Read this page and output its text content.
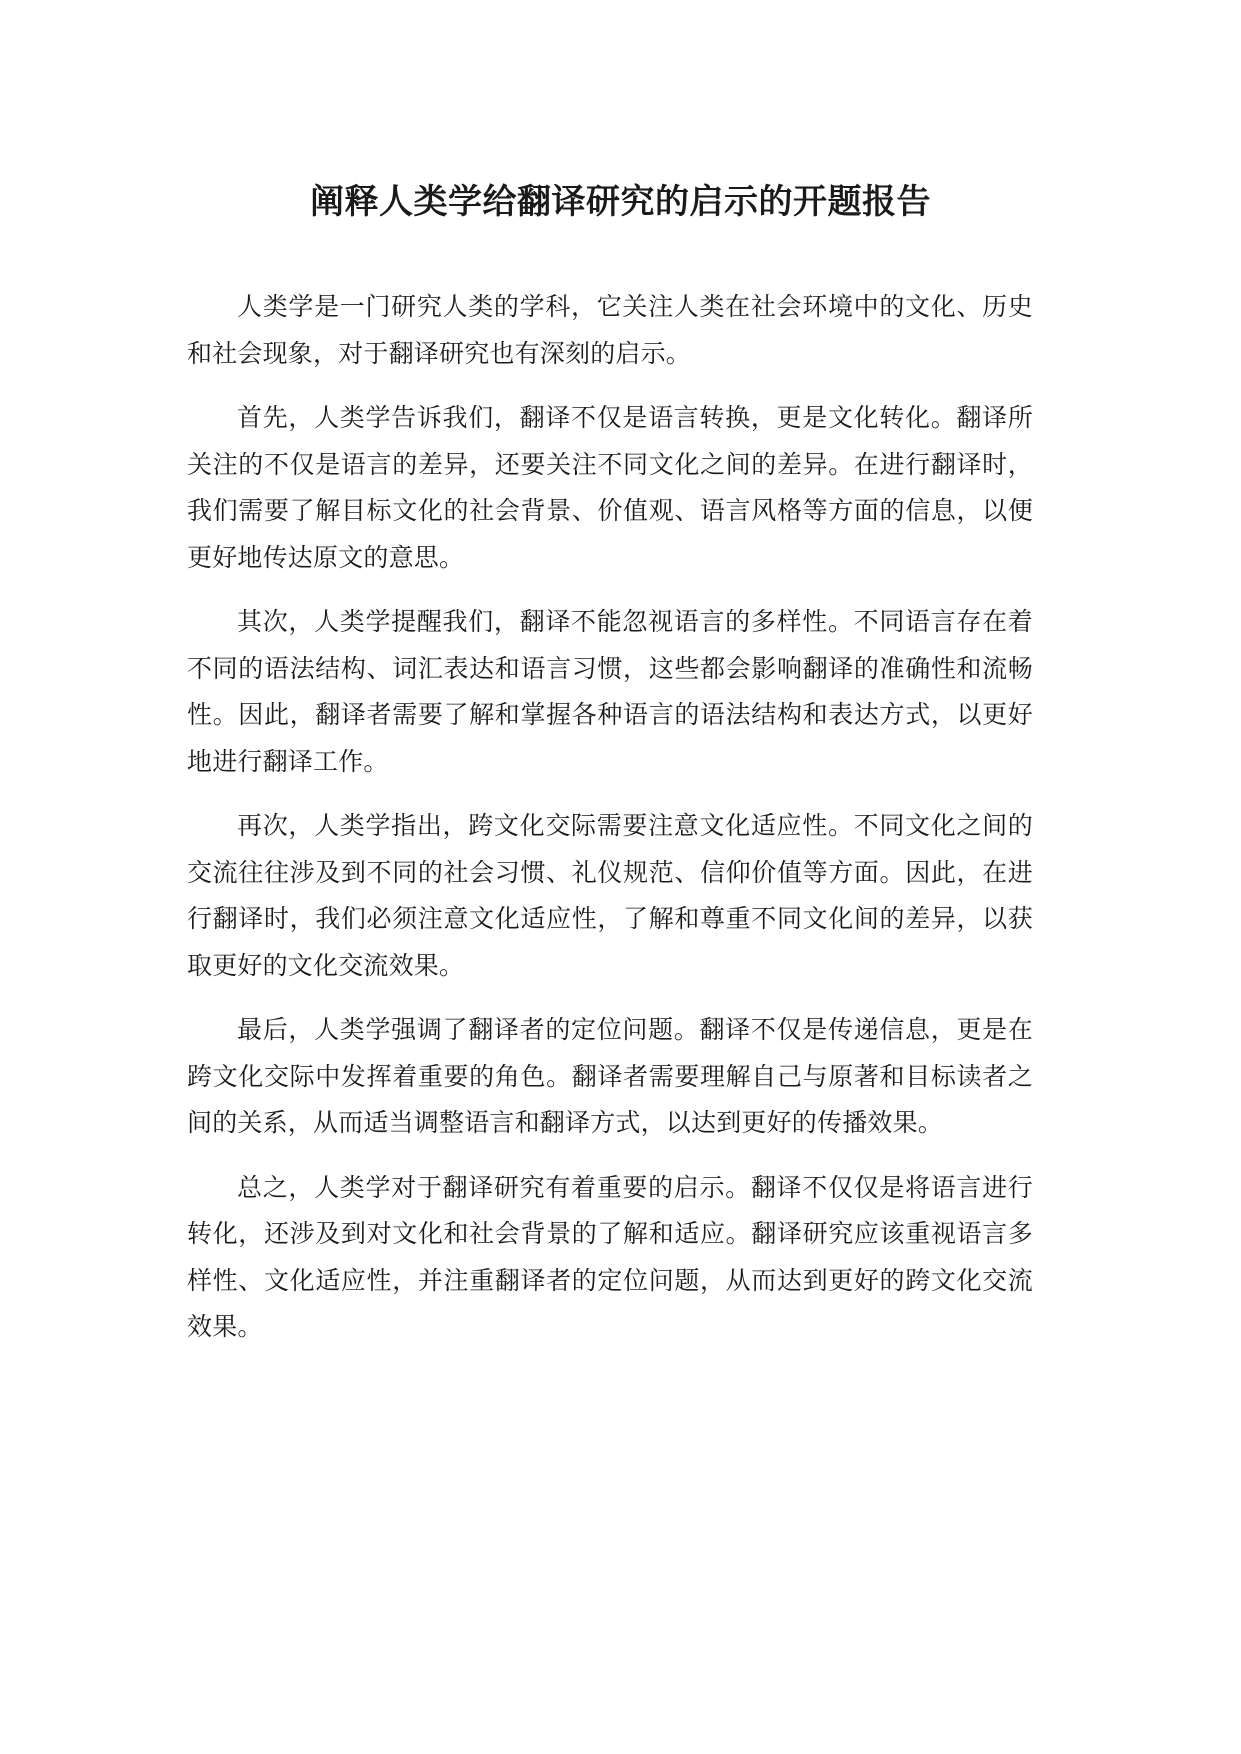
阐释人类学给翻译研究的启示的开题报告

人类学是一门研究人类的学科，它关注人类在社会环境中的文化、历史和社会现象，对于翻译研究也有深刻的启示。

首先，人类学告诉我们，翻译不仅是语言转换，更是文化转化。翻译所关注的不仅是语言的差异，还要关注不同文化之间的差异。在进行翻译时，我们需要了解目标文化的社会背景、价值观、语言风格等方面的信息，以便更好地传达原文的意思。

其次，人类学提醒我们，翻译不能忽视语言的多样性。不同语言存在着不同的语法结构、词汇表达和语言习惯，这些都会影响翻译的准确性和流畅性。因此，翻译者需要了解和掌握各种语言的语法结构和表达方式，以更好地进行翻译工作。

再次，人类学指出，跨文化交际需要注意文化适应性。不同文化之间的交流往往涉及到不同的社会习惯、礼仪规范、信仰价值等方面。因此，在进行翻译时，我们必须注意文化适应性，了解和尊重不同文化间的差异，以获取更好的文化交流效果。

最后，人类学强调了翻译者的定位问题。翻译不仅是传递信息，更是在跨文化交际中发挥着重要的角色。翻译者需要理解自己与原著和目标读者之间的关系，从而适当调整语言和翻译方式，以达到更好的传播效果。

总之，人类学对于翻译研究有着重要的启示。翻译不仅仅是将语言进行转化，还涉及到对文化和社会背景的了解和适应。翻译研究应该重视语言多样性、文化适应性，并注重翻译者的定位问题，从而达到更好的跨文化交流效果。
